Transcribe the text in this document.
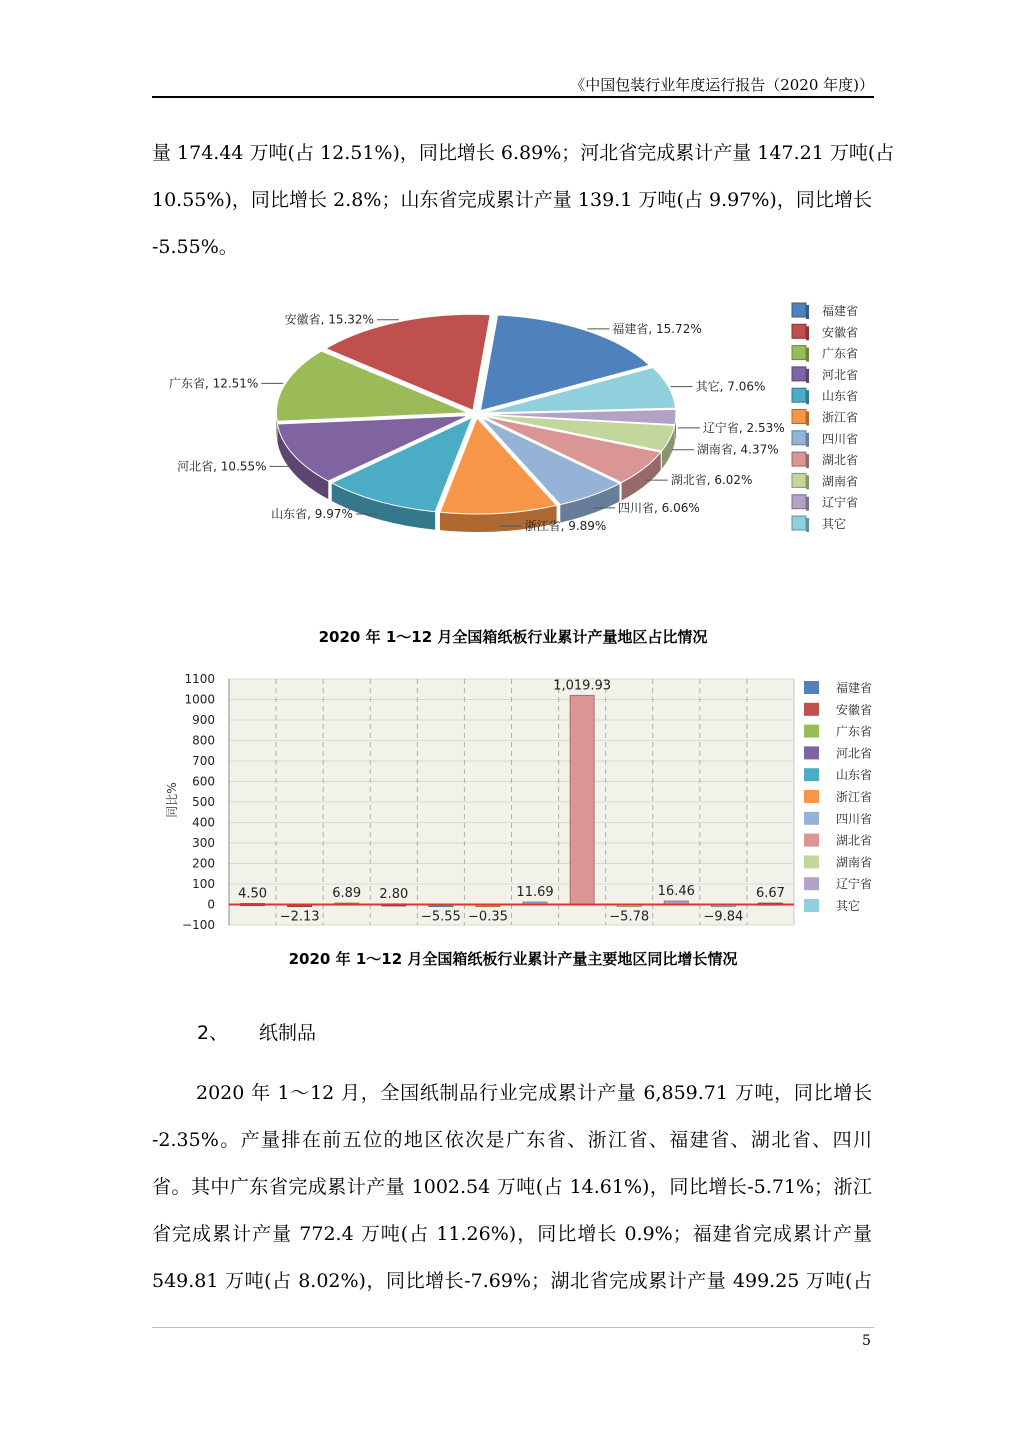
《中国包装行业年度运行报告（2020 年度)）
量 174.44 万吨(占 12.51%)，同比增长 6.89%；河北省完成累计产量 147.21 万吨(占
10.55%)，同比增长 2.8%；山东省完成累计产量 139.1 万吨(占 9.97%)，同比增长
-5.55%。
福建省, 15.72%
其它, 7.06%
辽宁省, 2.53%
湖南省, 4.37%
湖北省, 6.02%
四川省, 6.06%
浙江省, 9.89%
山东省, 9.97%
河北省, 10.55%
广东省, 12.51%
安徽省, 15.32%
福建省
安徽省
广东省
河北省
山东省
浙江省
四川省
湖北省
湖南省
辽宁省
其它
2020 年 1～12 月全国箱纸板行业累计产量地区占比情况
−100
0
100
200
300
400
500
600
700
800
900
1000
1100
4.50
−2.13
6.89 2.80
−5.55 −0.35
11.69
1,019.93
−5.78
16.46
−9.84
6.67
福建省
安徽省
广东省
河北省
山东省
浙江省
四川省
湖北省
湖南省
辽宁省
其它
同比%
2020 年 1～12 月全国箱纸板行业累计产量主要地区同比增长情况
2、 纸制品
2020 年 1～12 月，全国纸制品行业完成累计产量 6,859.71 万吨，同比增长
-2.35%。产量排在前五位的地区依次是广东省、浙江省、福建省、湖北省、四川
省。其中广东省完成累计产量 1002.54 万吨(占 14.61%)，同比增长-5.71%；浙江
省完成累计产量 772.4 万吨(占 11.26%)，同比增长 0.9%；福建省完成累计产量
549.81 万吨(占 8.02%)，同比增长-7.69%；湖北省完成累计产量 499.25 万吨(占
5
